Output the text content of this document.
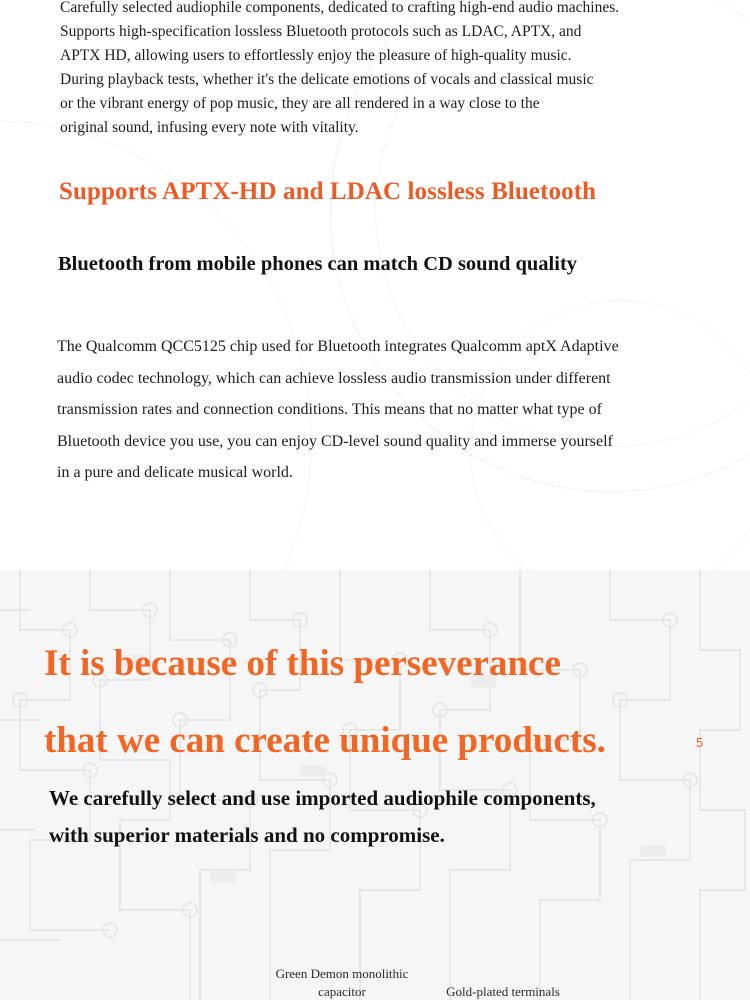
Carefully selected audiophile components, dedicated to crafting high-end audio machines.
Supports high-specification lossless Bluetooth protocols such as LDAC, APTX, and
APTX HD, allowing users to effortlessly enjoy the pleasure of high-quality music.
During playback tests, whether it's the delicate emotions of vocals and classical music
or the vibrant energy of pop music, they are all rendered in a way close to the
original sound, infusing every note with vitality.
Supports APTX-HD and LDAC lossless Bluetooth
Bluetooth from mobile phones can match CD sound quality
The Qualcomm QCC5125 chip used for Bluetooth integrates Qualcomm aptX Adaptive
audio codec technology, which can achieve lossless audio transmission under different
transmission rates and connection conditions. This means that no matter what type of
Bluetooth device you use, you can enjoy CD-level sound quality and immerse yourself
in a pure and delicate musical world.
It is because of this perseverance
that we can create unique products.
We carefully select and use imported audiophile components,
with superior materials and no compromise.
5
Green Demon monolithic capacitor	Gold-plated terminals
